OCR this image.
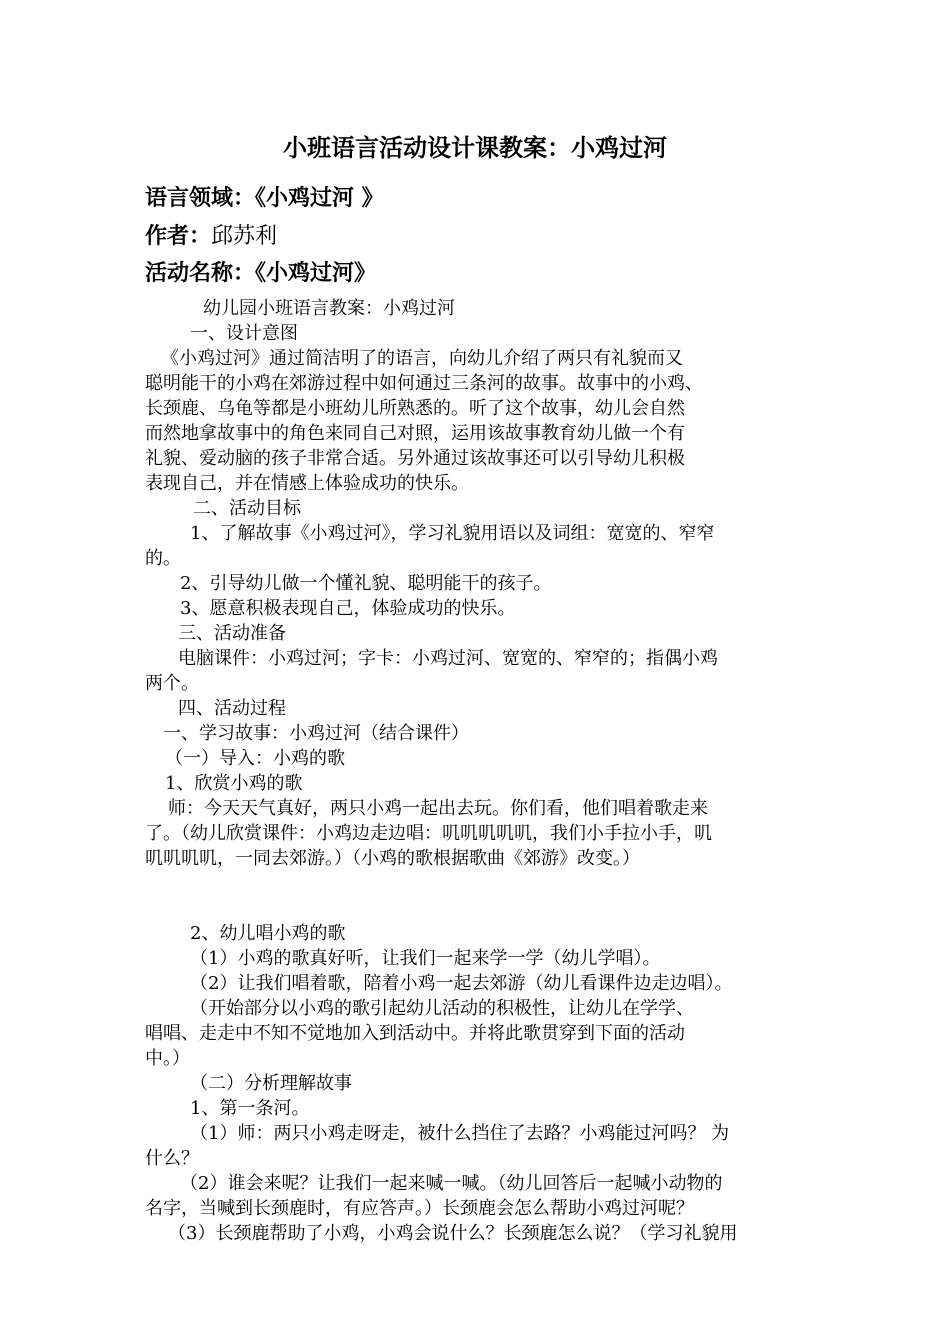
小班语言活动设计课教案：小鸡过河
语言领域：《小鸡过河 》
作者：邱苏利
活动名称：《小鸡过河》
幼儿园小班语言教案：小鸡过河
一、设计意图
《小鸡过河》通过简洁明了的语言，向幼儿介绍了两只有礼貌而又
聪明能干的小鸡在郊游过程中如何通过三条河的故事。故事中的小鸡、
长颈鹿、乌龟等都是小班幼儿所熟悉的。听了这个故事，幼儿会自然
而然地拿故事中的角色来同自己对照，运用该故事教育幼儿做一个有
礼貌、爱动脑的孩子非常合适。另外通过该故事还可以引导幼儿积极
表现自己，并在情感上体验成功的快乐。
二、活动目标
1、了解故事《小鸡过河》，学习礼貌用语以及词组：宽宽的、窄窄
的。
2、引导幼儿做一个懂礼貌、聪明能干的孩子。
3、愿意积极表现自己，体验成功的快乐。
三、活动准备
电脑课件：小鸡过河；字卡：小鸡过河、宽宽的、窄窄的；指偶小鸡
两个。
四、活动过程
一、学习故事：小鸡过河（结合课件）
（一）导入：小鸡的歌
1、欣赏小鸡的歌
师：今天天气真好，两只小鸡一起出去玩。你们看，他们唱着歌走来
了。（幼儿欣赏课件：小鸡边走边唱：叽叽叽叽叽，我们小手拉小手，叽
叽叽叽叽，一同去郊游。）（小鸡的歌根据歌曲《郊游》改变。）
2、幼儿唱小鸡的歌
（1）小鸡的歌真好听，让我们一起来学一学（幼儿学唱）。
（2）让我们唱着歌，陪着小鸡一起去郊游（幼儿看课件边走边唱）。
（开始部分以小鸡的歌引起幼儿活动的积极性，让幼儿在学学、
唱唱、走走中不知不觉地加入到活动中。并将此歌贯穿到下面的活动
中。）
（二）分析理解故事
1、第一条河。
（1）师：两只小鸡走呀走，被什么挡住了去路？小鸡能过河吗？ 为
什么？
（2）谁会来呢？让我们一起来喊一喊。（幼儿回答后一起喊小动物的
名字，当喊到长颈鹿时，有应答声。）长颈鹿会怎么帮助小鸡过河呢？
（3）长颈鹿帮助了小鸡，小鸡会说什么？长颈鹿怎么说？（学习礼貌用
